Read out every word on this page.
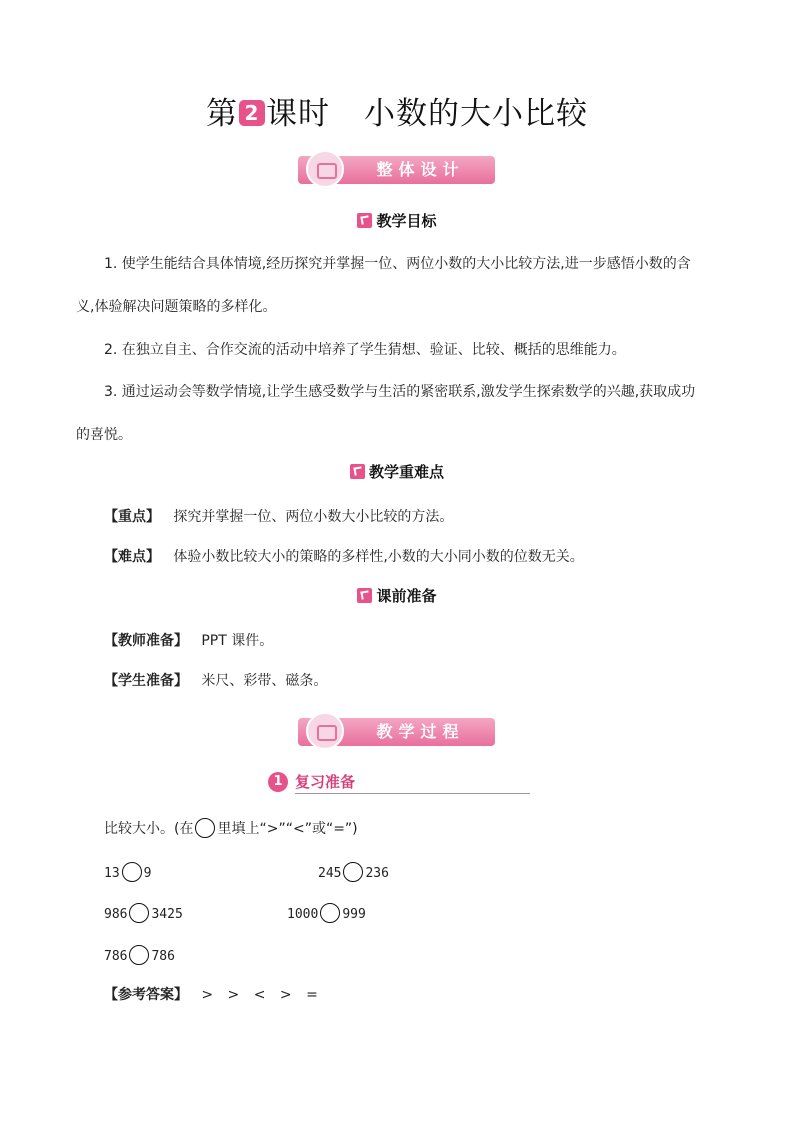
第 2 课时 小数的大小比较
整体设计
教学目标
1. 使学生能结合具体情境,经历探究并掌握一位、两位小数的大小比较方法,进一步感悟小数的含
义,体验解决问题策略的多样化。
2. 在独立自主、合作交流的活动中培养了学生猜想、验证、比较、概括的思维能力。
3. 通过运动会等数学情境,让学生感受数学与生活的紧密联系,激发学生探索数学的兴趣,获取成功
的喜悦。
教学重难点
【重点】 探究并掌握一位、两位小数大小比较的方法。
【难点】 体验小数比较大小的策略的多样性,小数的大小同小数的位数无关。
课前准备
【教师准备】 PPT 课件。
【学生准备】 米尺、彩带、磁条。
教学过程
1 复习准备
比较大小。(在 里填上“>”“<”或“=”)
13 9	245 236
986 3425	1000 999
786 786
【参考答案】 > > < > =
